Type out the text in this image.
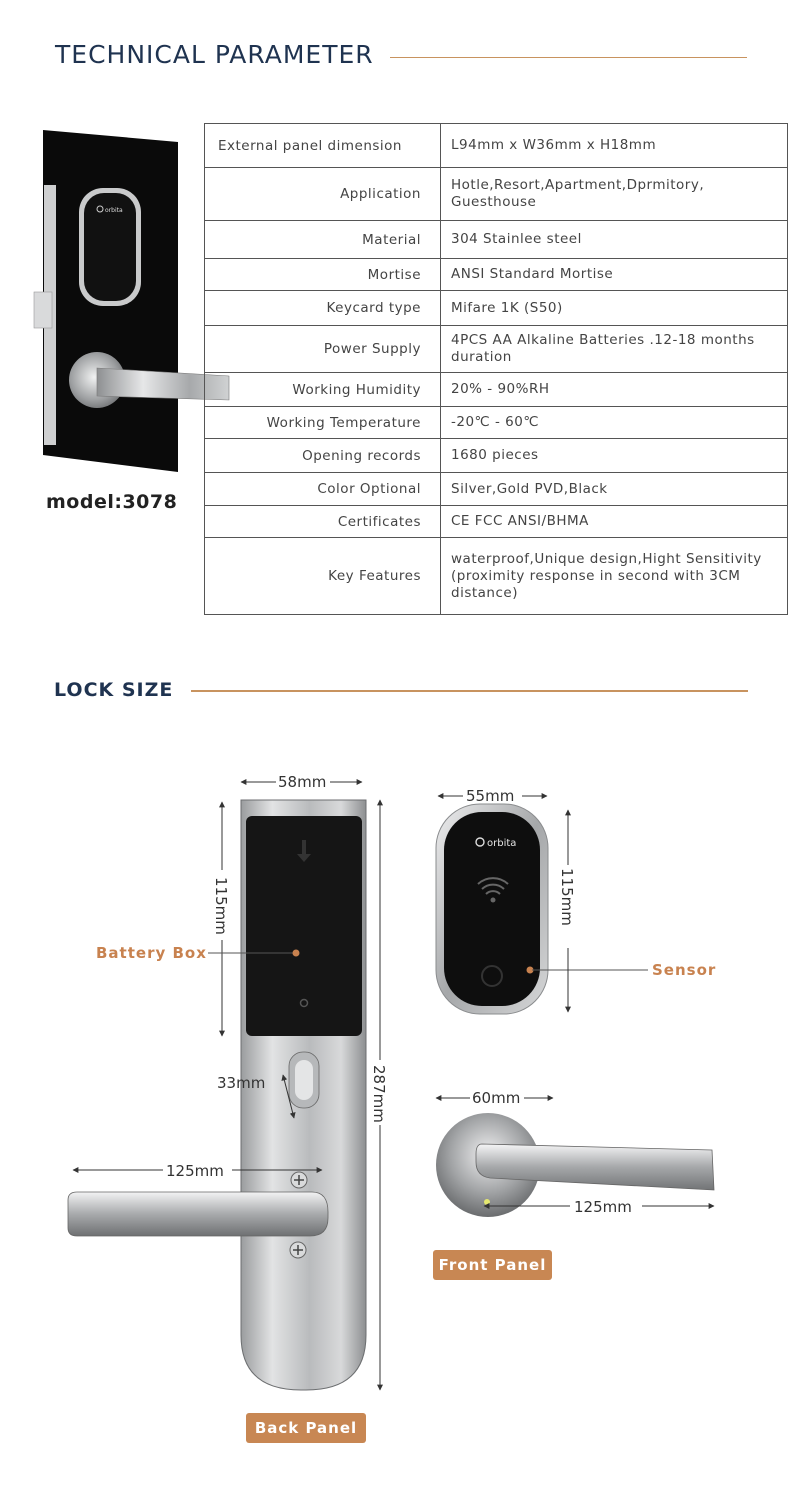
TECHNICAL PARAMETER
orbita
model:3078
External panel dimension	L94mm x W36mm x H18mm
Application	Hotle,Resort,Apartment,Dprmitory, Guesthouse
Material	304 Stainlee steel
Mortise	ANSI Standard Mortise
Keycard type	Mifare 1K (S50)
Power Supply	4PCS AA Alkaline Batteries .12-18 months duration
Working Humidity	20% - 90%RH
Working Temperature	-20℃ - 60℃
Opening records	1680 pieces
Color Optional	Silver,Gold PVD,Black
Certificates	CE FCC ANSI/BHMA
Key Features	waterproof,Unique design,Hight Sensitivity (proximity response in second with 3CM distance)
LOCK SIZE
58mm
115mm
287mm
33mm
125mm
Battery Box
Back Panel
orbita
55mm
115mm
Sensor
60mm
125mm
Front Panel
